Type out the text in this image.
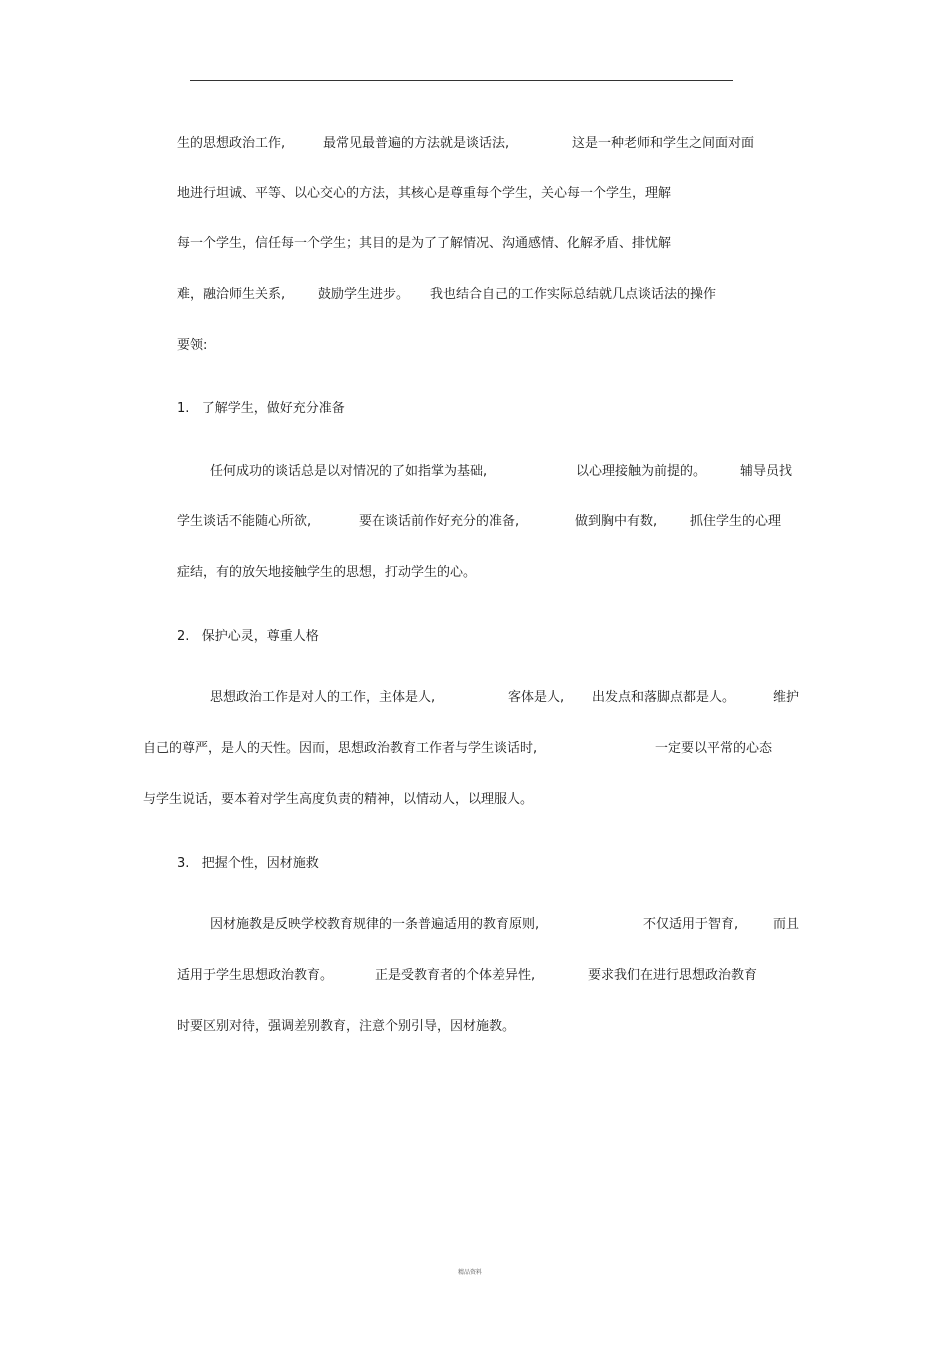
生的思想政治工作,	最常见最普遍的方法就是谈话法,	这是一种老师和学生之间面对面
地进行坦诚、平等、以心交心的方法，其核心是尊重每个学生，关心每一个学生，理解
每一个学生，信任每一个学生；其目的是为了了解情况、沟通感情、化解矛盾、排忧解
难，融洽师生关系,	鼓励学生进步。 我也结合自己的工作实际总结就几点谈话法的操作
要领:
1.   了解学生，做好充分准备
任何成功的谈话总是以对情况的了如指掌为基础,	以心理接触为前提的。	辅导员找
学生谈话不能随心所欲,	要在谈话前作好充分的准备,	做到胸中有数,	抓住学生的心理
症结，有的放矢地接触学生的思想，打动学生的心。
2.   保护心灵，尊重人格
思想政治工作是对人的工作，主体是人,	客体是人, 出发点和落脚点都是人。	维护
自己的尊严，是人的天性。因而，思想政治教育工作者与学生谈话时,	一定要以平常的心态
与学生说话，要本着对学生高度负责的精神，以情动人，以理服人。
3.   把握个性，因材施救
因材施教是反映学校教育规律的一条普遍适用的教育原则,	不仅适用于智育,	而且
适用于学生思想政治教育。	正是受教育者的个体差异性,	要求我们在进行思想政治教育
时要区别对待，强调差别教育，注意个别引导，因材施教。
精品资料
